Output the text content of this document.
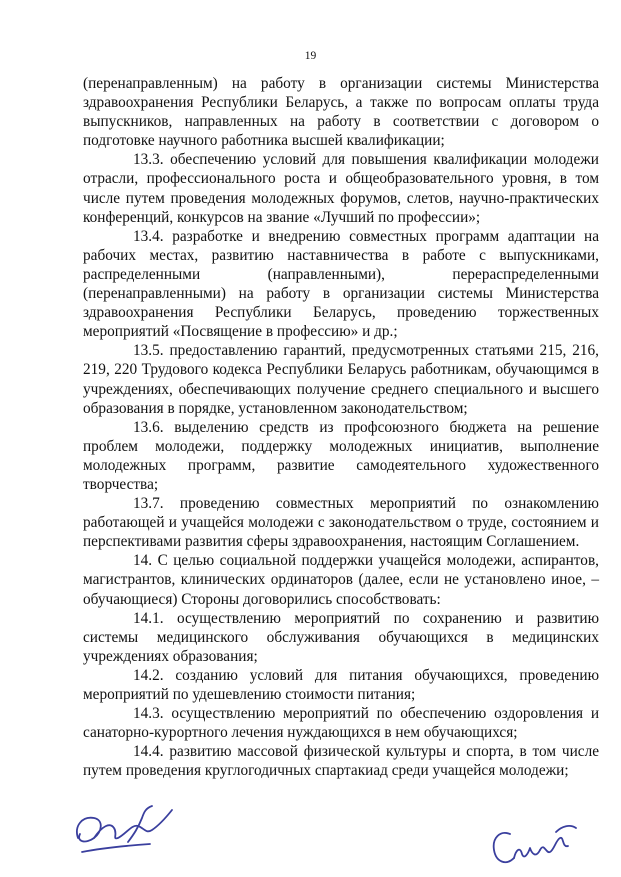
19

(перенаправленным) на работу в организации системы Министерства здравоохранения Республики Беларусь, а также по вопросам оплаты труда выпускников, направленных на работу в соответствии с договором о подготовке научного работника высшей квалификации;

13.3. обеспечению условий для повышения квалификации молодежи отрасли, профессионального роста и общеобразовательного уровня, в том числе путем проведения молодежных форумов, слетов, научно-практических конференций, конкурсов на звание «Лучший по профессии»;

13.4. разработке и внедрению совместных программ адаптации на рабочих местах, развитию наставничества в работе с выпускниками, распределенными (направленными), перераспределенными (перенаправленными) на работу в организации системы Министерства здравоохранения Республики Беларусь, проведению торжественных мероприятий «Посвящение в профессию» и др.;

13.5. предоставлению гарантий, предусмотренных статьями 215, 216, 219, 220 Трудового кодекса Республики Беларусь работникам, обучающимся в учреждениях, обеспечивающих получение среднего специального и высшего образования в порядке, установленном законодательством;

13.6. выделению средств из профсоюзного бюджета на решение проблем молодежи, поддержку молодежных инициатив, выполнение молодежных программ, развитие самодеятельного художественного творчества;

13.7. проведению совместных мероприятий по ознакомлению работающей и учащейся молодежи с законодательством о труде, состоянием и перспективами развития сферы здравоохранения, настоящим Соглашением.

14. С целью социальной поддержки учащейся молодежи, аспирантов, магистрантов, клинических ординаторов (далее, если не установлено иное, – обучающиеся) Стороны договорились способствовать:

14.1. осуществлению мероприятий по сохранению и развитию системы медицинского обслуживания обучающихся в медицинских учреждениях образования;

14.2. созданию условий для питания обучающихся, проведению мероприятий по удешевлению стоимости питания;

14.3. осуществлению мероприятий по обеспечению оздоровления и санаторно-курортного лечения нуждающихся в нем обучающихся;

14.4. развитию массовой физической культуры и спорта, в том числе путем проведения круглогодичных спартакиад среди учащейся молодежи;
